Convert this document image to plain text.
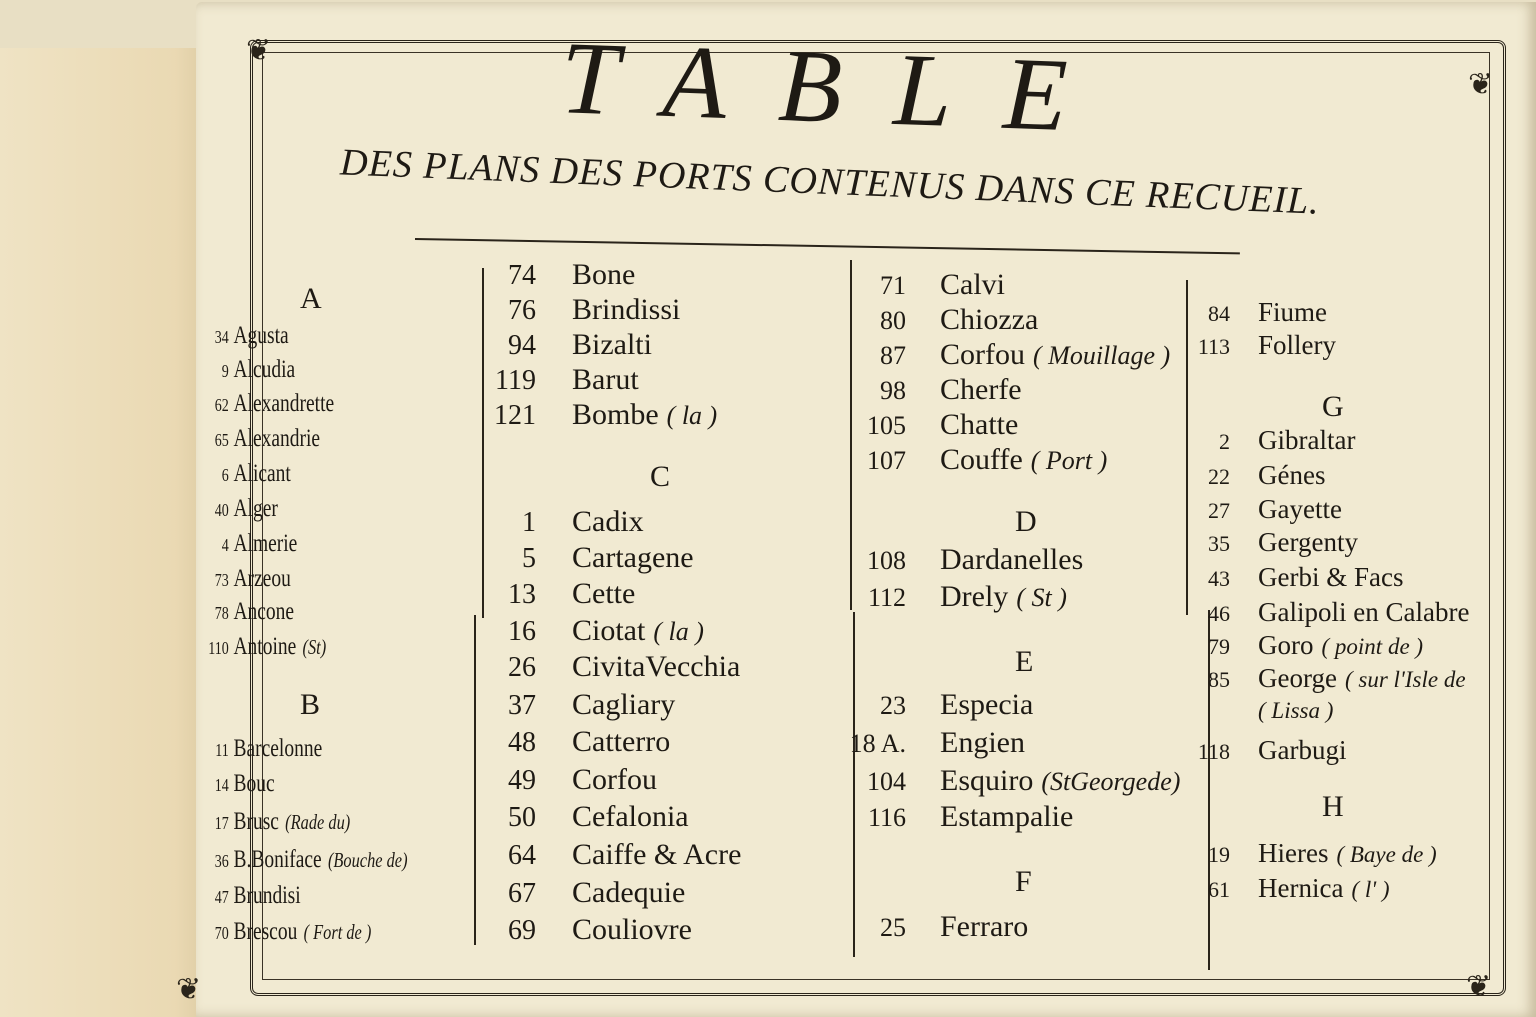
❦
❦
❦	❦
TABLE
DES PLANS DES PORTS CONTENUS DANS CE RECUEIL.
A
34 Agusta
9 Alcudia
62 Alexandrette
65 Alexandrie
6 Alicant
40 Alger
4 Almerie
73 Arzeou
78 Ancone
110 Antoine (St)
B
11 Barcelonne
14 Bouc
17 Brusc (Rade du)
36 B.Boniface (Bouche de)
47 Brundisi
70 Brescou ( Fort de )
74 Bone
76 Brindissi
94 Bizalti
119 Barut
121 Bombe ( la )
C
1 Cadix
5 Cartagene
13 Cette
16 Ciotat ( la )
26 CivitaVecchia
37 Cagliary
48 Catterro
49 Corfou
50 Cefalonia
64 Caiffe & Acre
67 Cadequie
69 Couliovre
71 Calvi
80 Chiozza
87 Corfou ( Mouillage )
98 Cherfe
105 Chatte
107 Couffe ( Port )
D
108 Dardanelles
112 Drely ( St )
E
23 Especia
18 A. Engien
104 Esquiro (StGeorgede)
116 Estampalie
F
25 Ferraro
84 Fiume
113 Follery
G
2 Gibraltar
22 Génes
27 Gayette
35 Gergenty
43 Gerbi & Facs
46 Galipoli en Calabre
79 Goro ( point de )
85 George ( sur l'Isle de
( Lissa )
118 Garbugi
H
19 Hieres ( Baye de )
61 Hernica ( l' )
